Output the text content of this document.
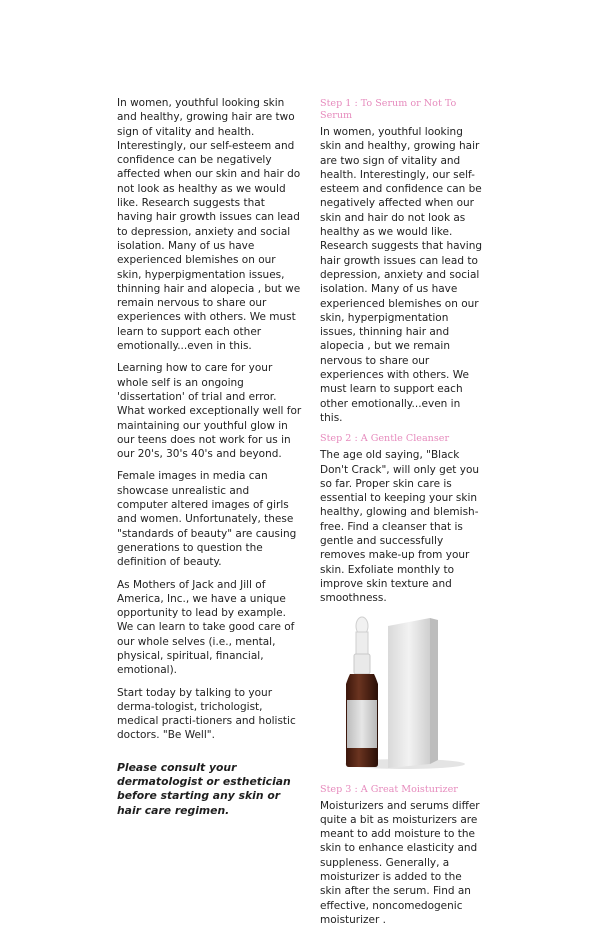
In women, youthful looking skin and healthy, growing hair are two sign of vitality and health. Interestingly, our self-esteem and confidence can be negatively affected when our skin and hair do not look as healthy as we would like. Research suggests that having hair growth issues can lead to depression, anxiety and social isolation. Many of us have experienced blemishes on our skin, hyperpigmentation issues, thinning hair and alopecia , but we remain nervous to share our experiences with others. We must learn to support each other emotionally...even in this.

Learning how to care for your whole self is an ongoing 'dissertation' of trial and error. What worked exceptionally well for maintaining our youthful glow in our teens does not work for us in our 20's, 30's 40's and beyond.

Female images in media can showcase unrealistic and computer altered images of girls and women. Unfortunately, these "standards of beauty" are causing generations to question the definition of beauty.

As Mothers of Jack and Jill of America, Inc., we have a unique opportunity to lead by example. We can learn to take good care of our whole selves (i.e., mental, physical, spiritual, financial, emotional).

Start today by talking to your derma-tologist, trichologist, medical practi-tioners and holistic doctors. "Be Well".

Please consult your dermatologist or esthetician before starting any skin or hair care regimen.

Step 1 : To Serum or Not To Serum

In women, youthful looking skin and healthy, growing hair are two sign of vitality and health. Interestingly, our self-esteem and confidence can be negatively affected when our skin and hair do not look as healthy as we would like. Research suggests that having hair growth issues can lead to depression, anxiety and social isolation. Many of us have experienced blemishes on our skin, hyperpigmentation issues, thinning hair and alopecia , but we remain nervous to share our experiences with others. We must learn to support each other emotionally...even in this.

Step 2 : A Gentle Cleanser

The age old saying, "Black Don't Crack", will only get you so far. Proper skin care is essential to keeping your skin healthy, glowing and blemish-free. Find a cleanser that is gentle and successfully removes make-up from your skin. Exfoliate monthly to improve skin texture and smoothness.

Step 3 : A Great Moisturizer

Moisturizers and serums differ quite a bit as moisturizers are meant to add moisture to the skin to enhance elasticity and suppleness. Generally, a moisturizer is added to the skin after the serum. Find an effective, noncomedogenic moisturizer .
